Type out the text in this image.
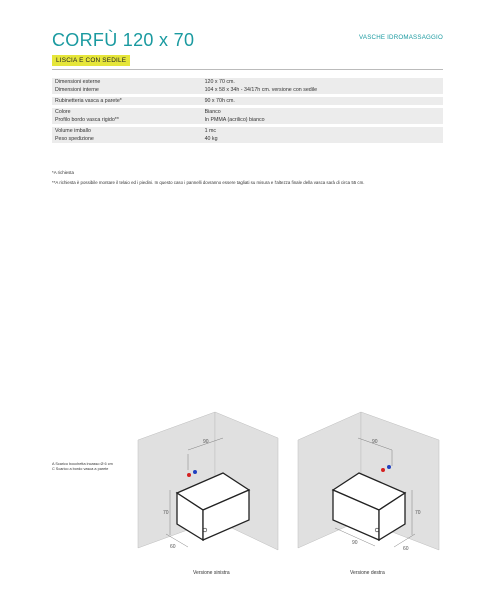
CORFÙ 120 x 70	VASCHE IDROMASSAGGIO
LISCIA E CON SEDILE
Dimensioni esterne	120 x 70 cm.
Dimensioni interne	104 x 58 x 34h - 34/17h cm. versione con sedile

Rubinetteria vasca a parete*	90 x 70h cm.

Colore	Bianco
Profilo bordo vasca rigido**	In PMMA (acrilico) bianco

Volume imballo	1 mc
Peso spedizione	40 kg
*A richiesta
**A richiesta è possibile montare il telaio ed i piedini. In questo caso i pannelli dovranno essere tagliati su misura e l'altezza finale della vasca sarà di circa 55 cm.
A Scarico bocchetta incasso Ø 6 cm
C Scarico a bordo vasca a parete
90
70
60
90
70
60
90
Versione sinistra	Versione destra
